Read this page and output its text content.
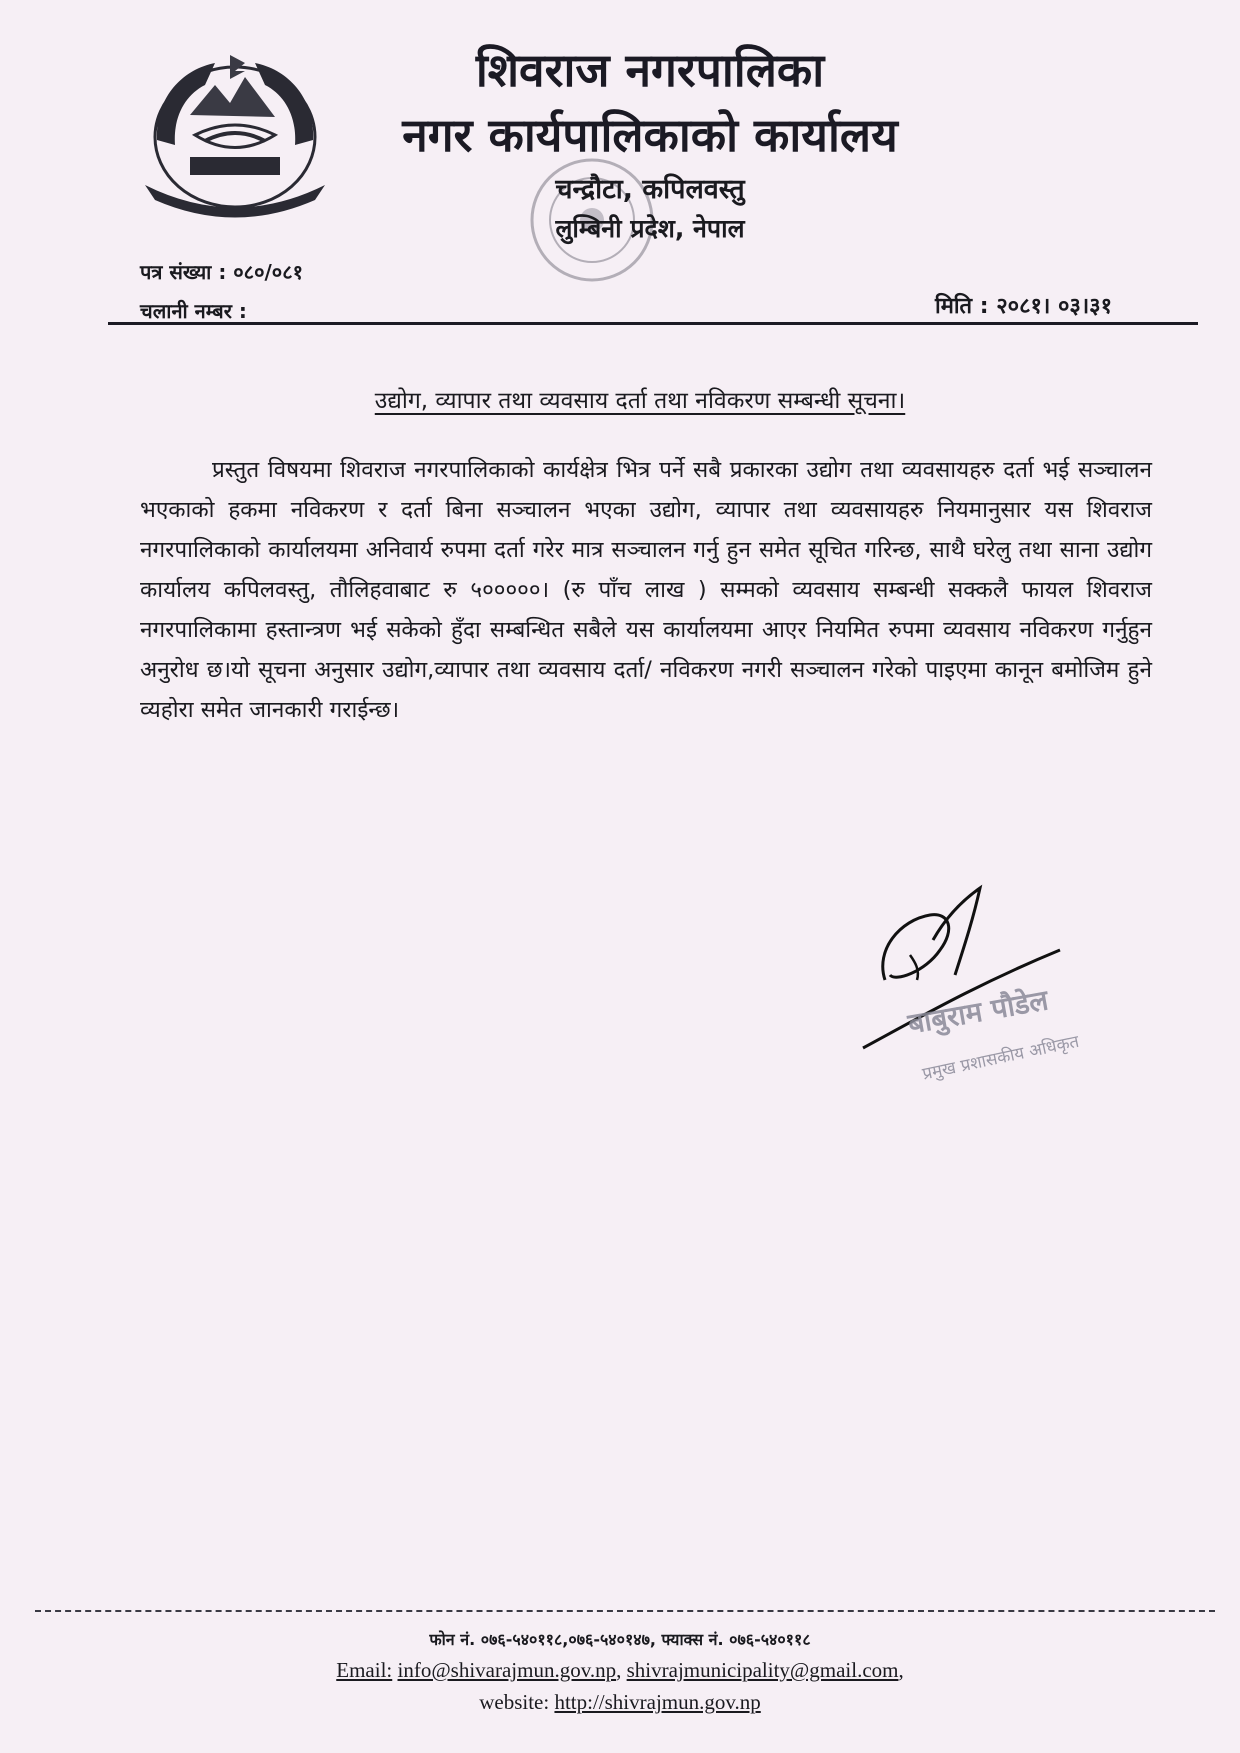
शिवराज नगरपालिका
नगर कार्यपालिकाको कार्यालय
चन्द्रौटा, कपिलवस्तु
लुम्बिनी प्रदेश, नेपाल
पत्र संख्या : ०८०/०८१
चलानी नम्बर :	मिति : २०८१। ०३।३१
उद्योग, व्यापार तथा व्यवसाय दर्ता तथा नविकरण सम्बन्धी सूचना।

प्रस्तुत विषयमा शिवराज नगरपालिकाको कार्यक्षेत्र भित्र पर्ने सबै प्रकारका उद्योग तथा व्यवसायहरु दर्ता भई सञ्चालन भएकाको हकमा नविकरण र दर्ता बिना सञ्चालन भएका उद्योग, व्यापार तथा व्यवसायहरु नियमानुसार यस शिवराज नगरपालिकाको कार्यालयमा अनिवार्य रुपमा दर्ता गरेर मात्र सञ्चालन गर्नु हुन समेत सूचित गरिन्छ, साथै घरेलु तथा साना उद्योग कार्यालय कपिलवस्तु, तौलिहवाबाट रु ५०००००। (रु पाँच लाख ) सम्मको व्यवसाय सम्बन्धी सक्कलै फायल शिवराज नगरपालिकामा हस्तान्त्रण भई सकेको हुँदा सम्बन्धित सबैले यस कार्यालयमा आएर नियमित रुपमा व्यवसाय नविकरण गर्नुहुन अनुरोध छ।यो सूचना अनुसार उद्योग,व्यापार तथा व्यवसाय दर्ता/ नविकरण नगरी सञ्चालन गरेको पाइएमा कानून बमोजिम हुने व्यहोरा समेत जानकारी गराईन्छ।

बाबुराम पौडेल
प्रमुख प्रशासकीय अधिकृत
फोन नं. ०७६-५४०११८,०७६-५४०१४७, फ्याक्स नं. ०७६-५४०११८
Email: info@shivarajmun.gov.np, shivrajmunicipality@gmail.com,
website: http://shivrajmun.gov.np
